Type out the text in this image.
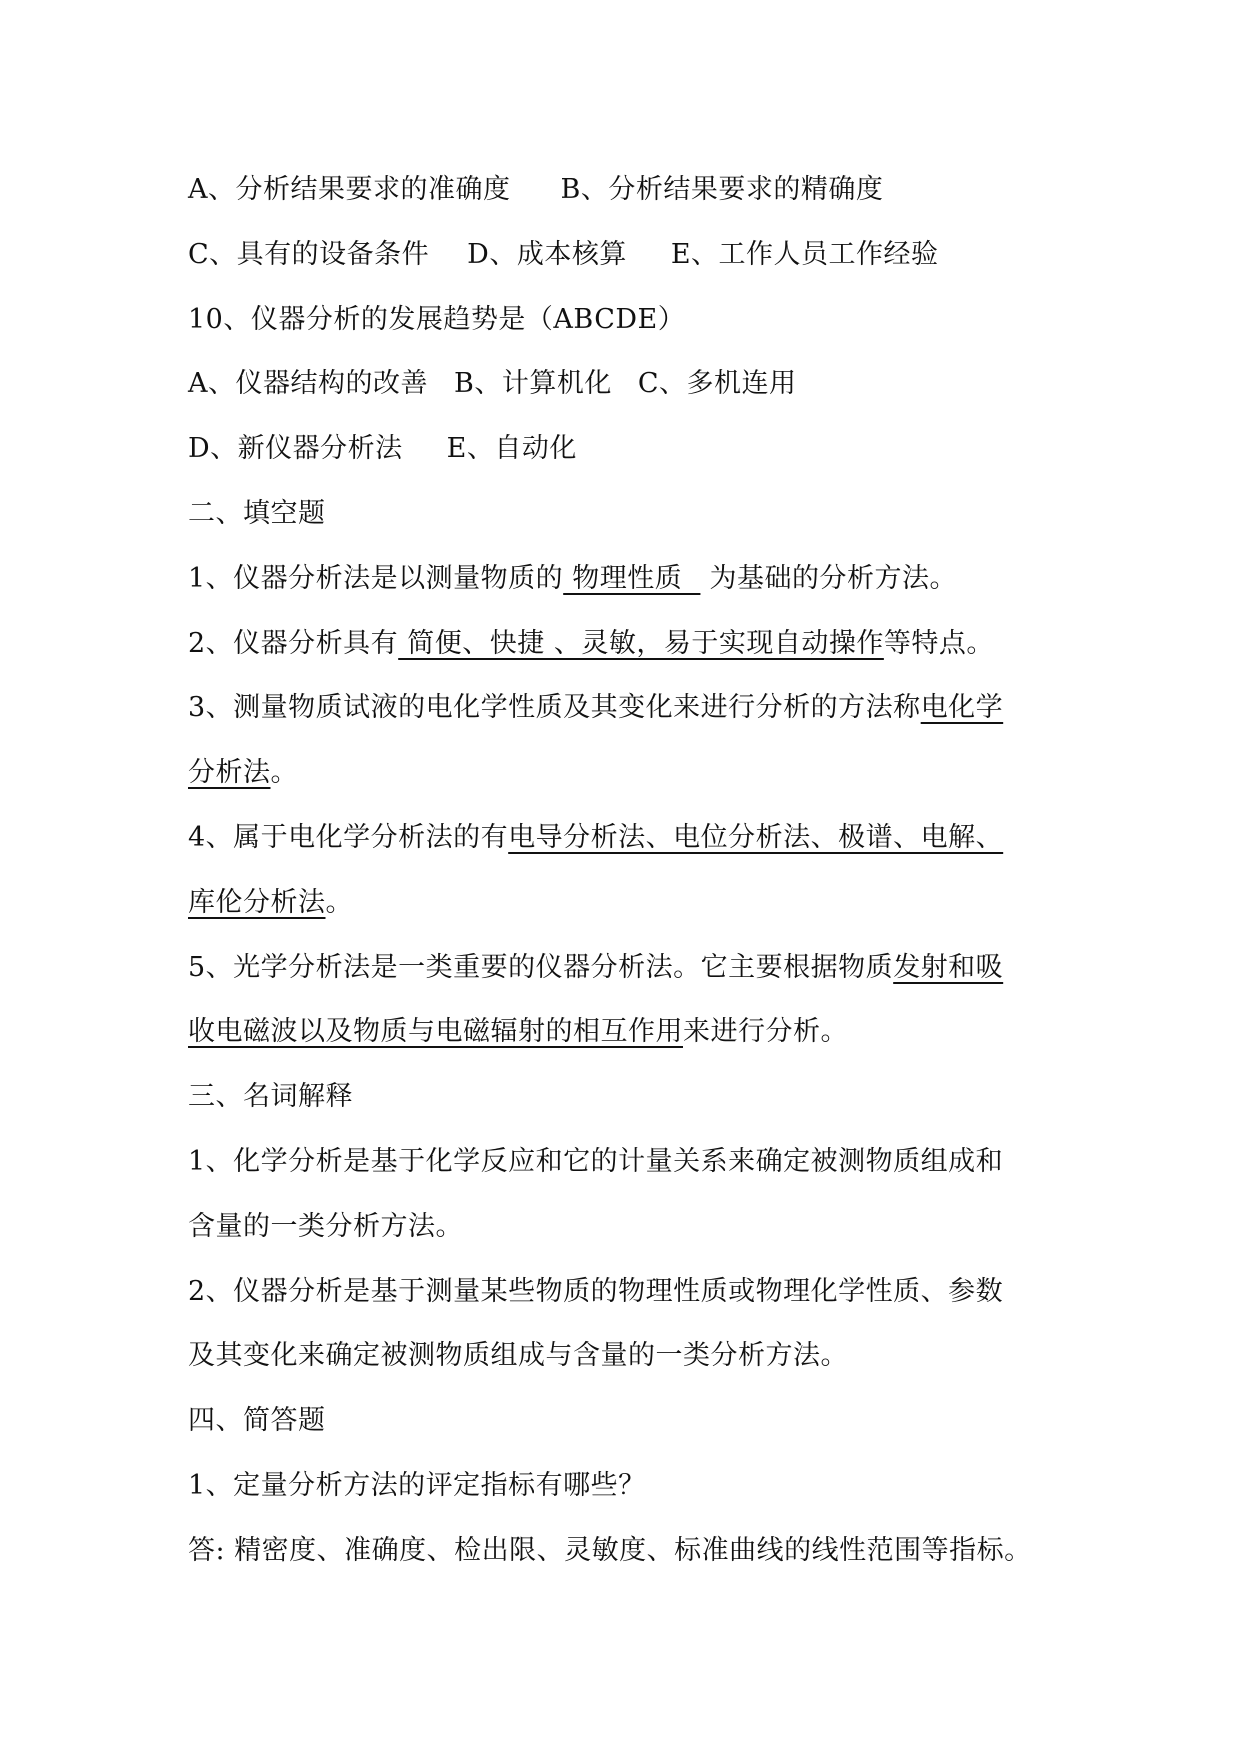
A、分析结果要求的准确度 B、分析结果要求的精确度
C、具有的设备条件 D、成本核算 E、工作人员工作经验
10、仪器分析的发展趋势是（ABCDE）
A、仪器结构的改善 B、计算机化 C、多机连用
D、新仪器分析法 E、自动化
二、填空题
1、仪器分析法是以测量物质的 物理性质   为基础的分析方法。
2、仪器分析具有 简便、快捷 、灵敏，易于实现自动操作等特点。
3、测量物质试液的电化学性质及其变化来进行分析的方法称电化学
分析法。
4、属于电化学分析法的有电导分析法、电位分析法、极谱、电解、
库伦分析法。
5、光学分析法是一类重要的仪器分析法。它主要根据物质发射和吸
收电磁波以及物质与电磁辐射的相互作用来进行分析。
三、名词解释
1、化学分析是基于化学反应和它的计量关系来确定被测物质组成和
含量的一类分析方法。
2、仪器分析是基于测量某些物质的物理性质或物理化学性质、参数
及其变化来确定被测物质组成与含量的一类分析方法。
四、简答题
1、定量分析方法的评定指标有哪些？
答: 精密度、准确度、检出限、灵敏度、标准曲线的线性范围等指标。
